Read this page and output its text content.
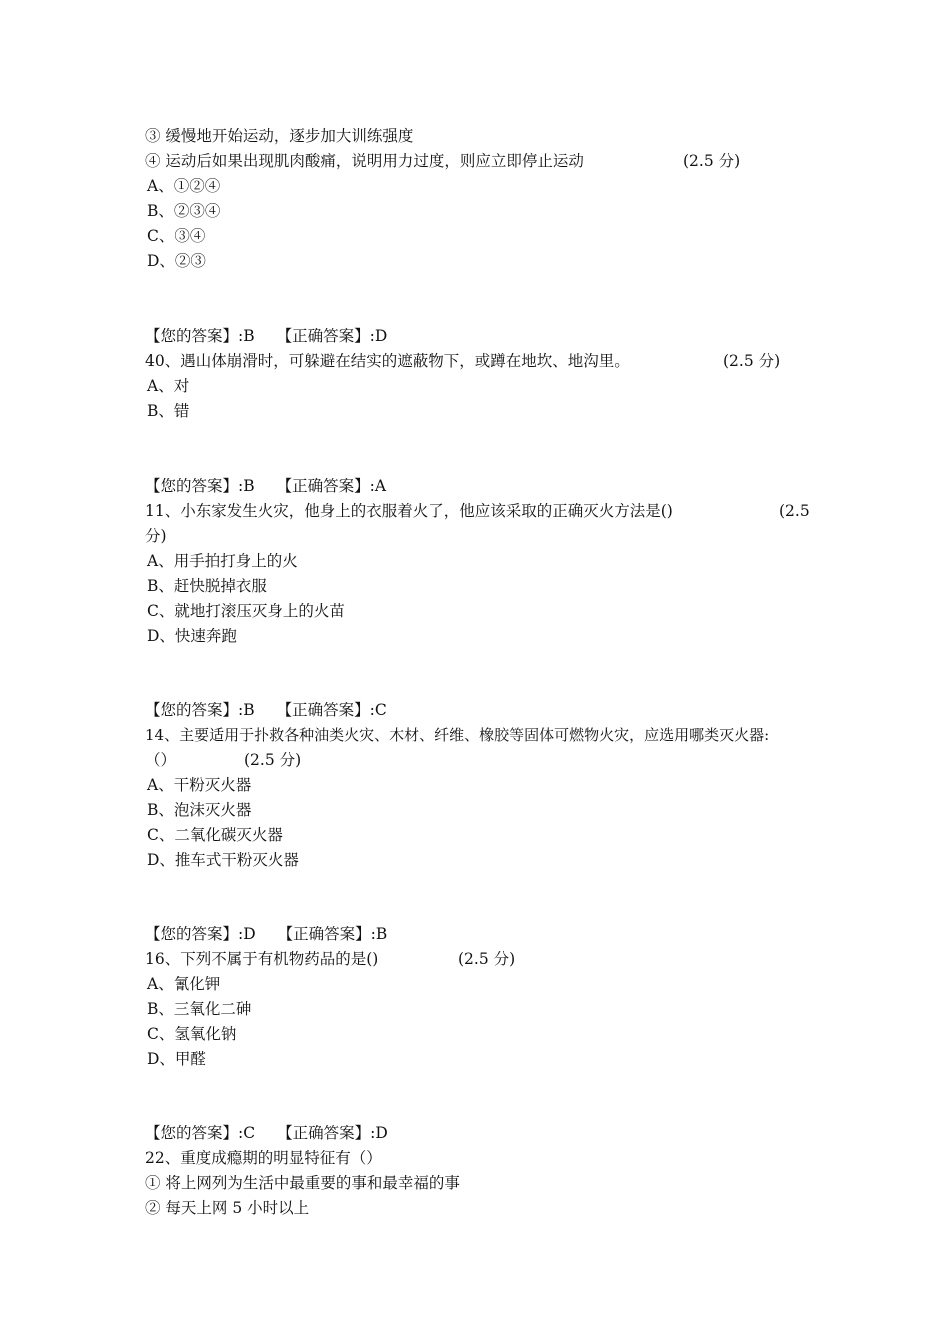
③ 缓慢地开始运动，逐步加大训练强度
④ 运动后如果出现肌肉酸痛，说明用力过度，则应立即停止运动	(2.5 分)
A、①②④
B、②③④
C、③④
D、②③
【您的答案】:B 【正确答案】:D
40、遇山体崩滑时，可躲避在结实的遮蔽物下，或蹲在地坎、地沟里。	(2.5 分)
A、对
B、错
【您的答案】:B 【正确答案】:A
11、小东家发生火灾，他身上的衣服着火了，他应该采取的正确灭火方法是()	(2.5
分)
A、用手拍打身上的火
B、赶快脱掉衣服
C、就地打滚压灭身上的火苗
D、快速奔跑
【您的答案】:B 【正确答案】:C
14、主要适用于扑救各种油类火灾、木材、纤维、橡胶等固体可燃物火灾，应选用哪类灭火器:
（）	(2.5 分)
A、干粉灭火器
B、泡沫灭火器
C、二氧化碳灭火器
D、推车式干粉灭火器
【您的答案】:D 【正确答案】:B
16、下列不属于有机物药品的是()	(2.5 分)
A、氰化钾
B、三氧化二砷
C、氢氧化钠
D、甲醛
【您的答案】:C 【正确答案】:D
22、重度成瘾期的明显特征有（）
① 将上网列为生活中最重要的事和最幸福的事
② 每天上网 5 小时以上
